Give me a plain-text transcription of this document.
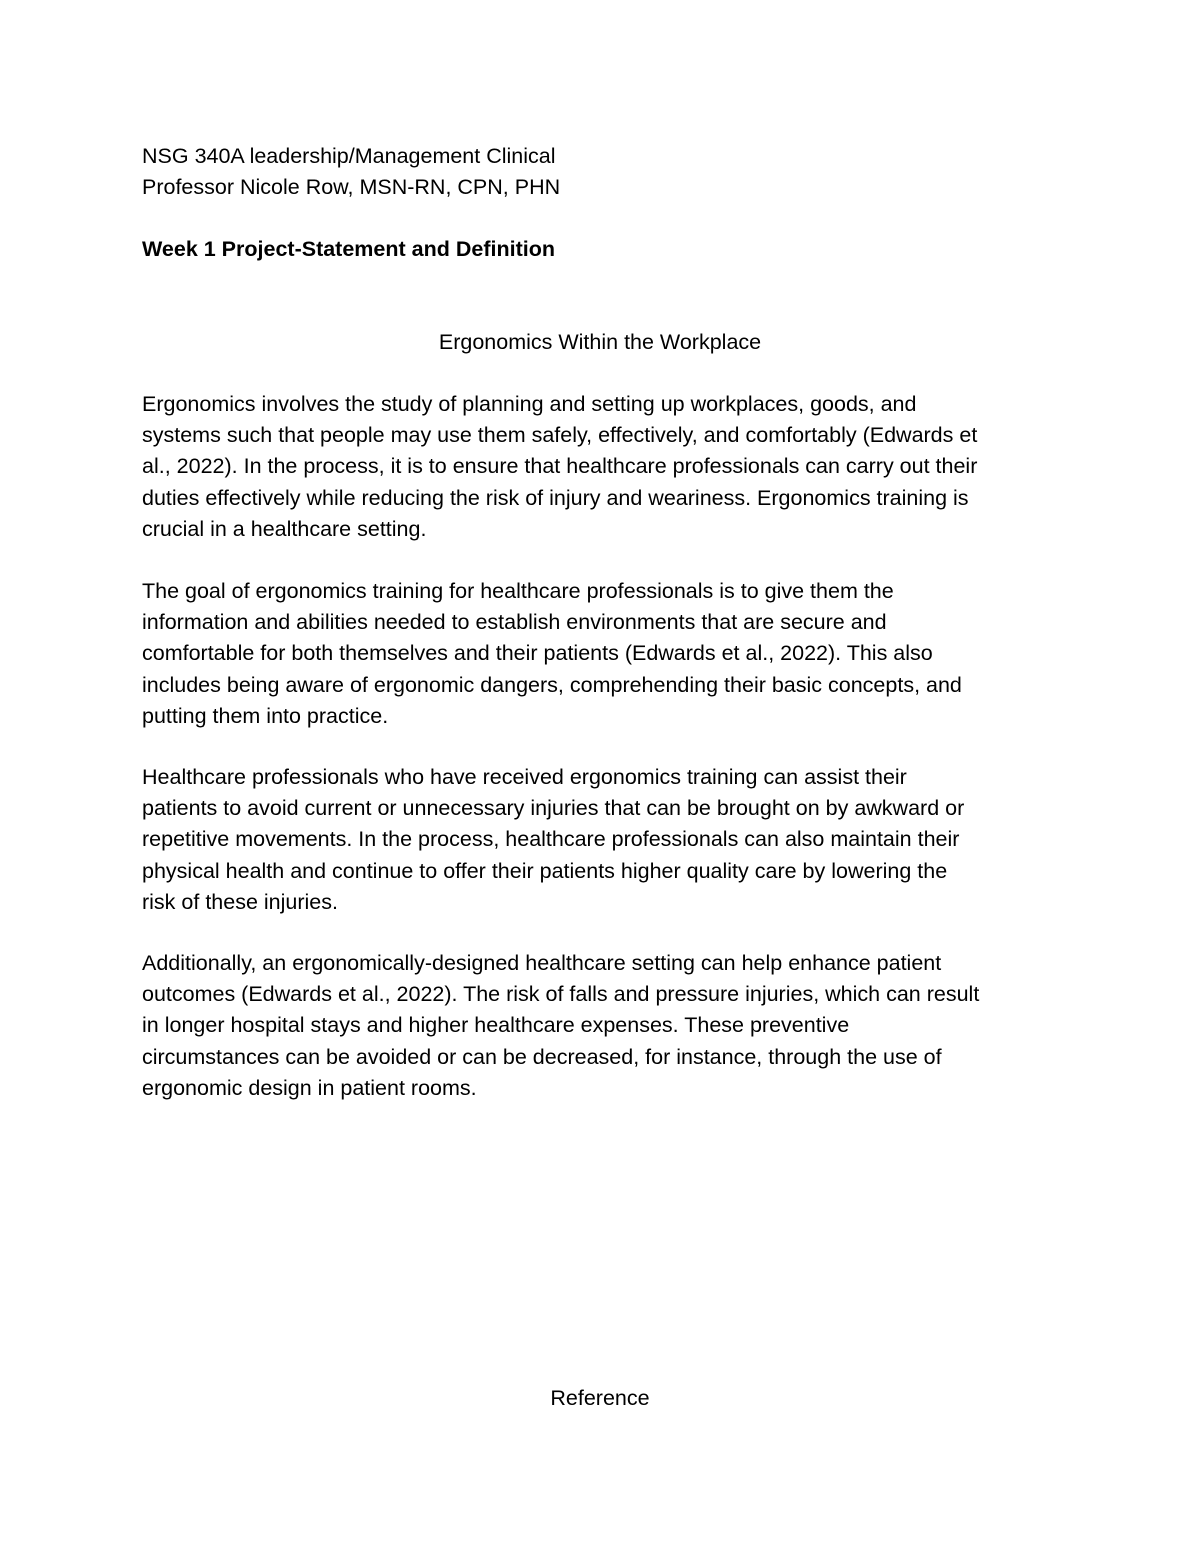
NSG 340A leadership/Management Clinical
Professor Nicole Row, MSN-RN, CPN, PHN
Week 1 Project-Statement and Definition
Ergonomics Within the Workplace
Ergonomics involves the study of planning and setting up workplaces, goods, and
systems such that people may use them safely, effectively, and comfortably (Edwards et
al., 2022). In the process, it is to ensure that healthcare professionals can carry out their
duties effectively while reducing the risk of injury and weariness. Ergonomics training is
crucial in a healthcare setting.
The goal of ergonomics training for healthcare professionals is to give them the
information and abilities needed to establish environments that are secure and
comfortable for both themselves and their patients (Edwards et al., 2022). This also
includes being aware of ergonomic dangers, comprehending their basic concepts, and
putting them into practice.
Healthcare professionals who have received ergonomics training can assist their
patients to avoid current or unnecessary injuries that can be brought on by awkward or
repetitive movements. In the process, healthcare professionals can also maintain their
physical health and continue to offer their patients higher quality care by lowering the
risk of these injuries.
Additionally, an ergonomically-designed healthcare setting can help enhance patient
outcomes (Edwards et al., 2022). The risk of falls and pressure injuries, which can result
in longer hospital stays and higher healthcare expenses. These preventive
circumstances can be avoided or can be decreased, for instance, through the use of
ergonomic design in patient rooms.
Reference
